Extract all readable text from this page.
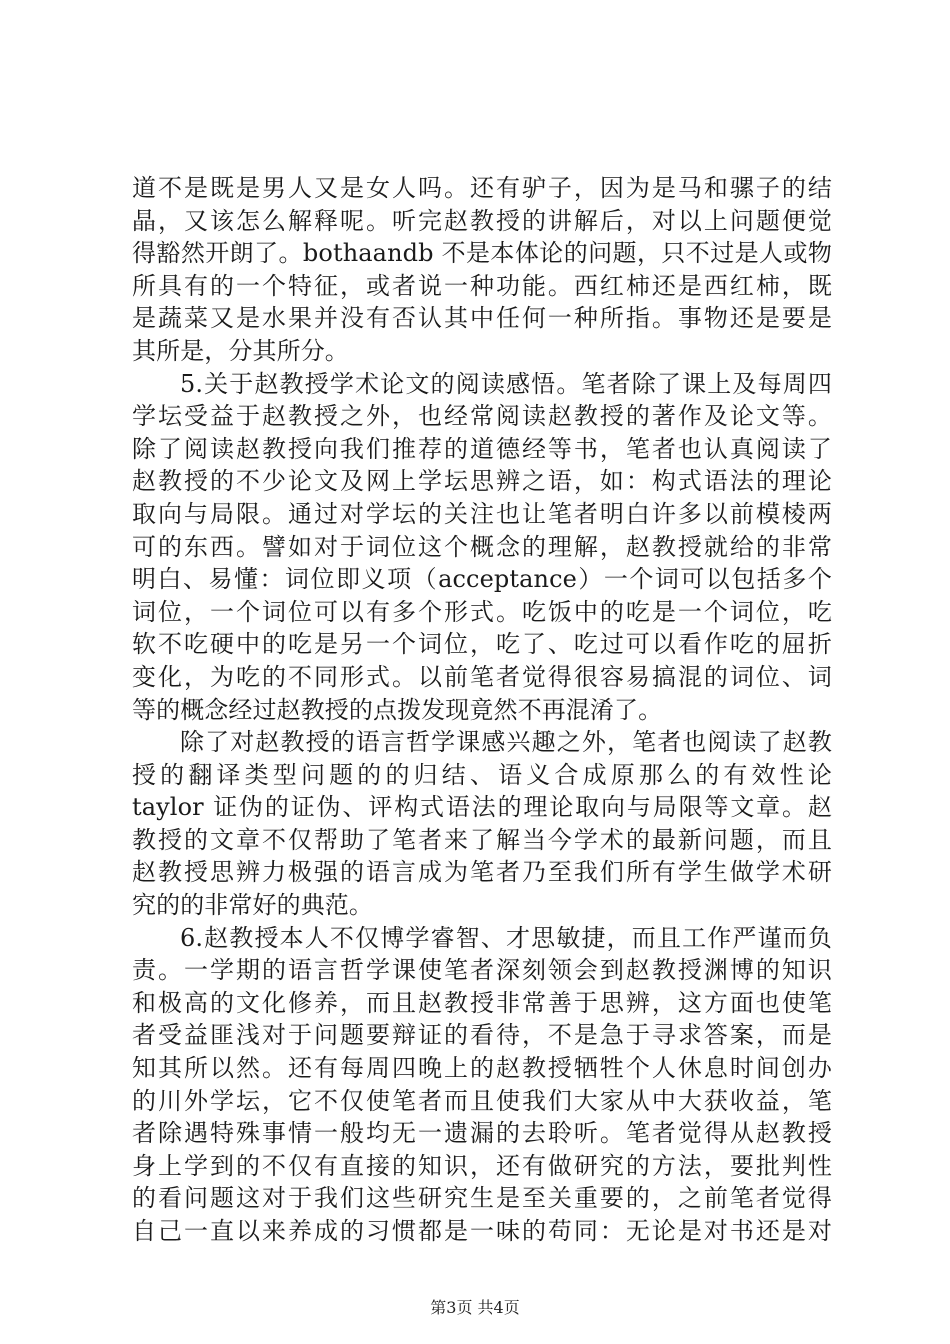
道不是既是男人又是女人吗。还有驴子，因为是马和骡子的结
晶，又该怎么解释呢。听完赵教授的讲解后，对以上问题便觉
得豁然开朗了。bothaandb 不是本体论的问题，只不过是人或物
所具有的一个特征，或者说一种功能。西红柿还是西红柿，既
是蔬菜又是水果并没有否认其中任何一种所指。事物还是要是
其所是，分其所分。
5.关于赵教授学术论文的阅读感悟。笔者除了课上及每周四
学坛受益于赵教授之外，也经常阅读赵教授的著作及论文等。
除了阅读赵教授向我们推荐的道德经等书，笔者也认真阅读了
赵教授的不少论文及网上学坛思辨之语，如：构式语法的理论
取向与局限。通过对学坛的关注也让笔者明白许多以前模棱两
可的东西。譬如对于词位这个概念的理解，赵教授就给的非常
明白、易懂：词位即义项（acceptance）一个词可以包括多个
词位，一个词位可以有多个形式。吃饭中的吃是一个词位，吃
软不吃硬中的吃是另一个词位，吃了、吃过可以看作吃的屈折
变化，为吃的不同形式。以前笔者觉得很容易搞混的词位、词
等的概念经过赵教授的点拨发现竟然不再混淆了。
除了对赵教授的语言哲学课感兴趣之外，笔者也阅读了赵教
授的翻译类型问题的的归结、语义合成原那么的有效性论
taylor 证伪的证伪、评构式语法的理论取向与局限等文章。赵
教授的文章不仅帮助了笔者来了解当今学术的最新问题，而且
赵教授思辨力极强的语言成为笔者乃至我们所有学生做学术研
究的的非常好的典范。
6.赵教授本人不仅博学睿智、才思敏捷，而且工作严谨而负
责。一学期的语言哲学课使笔者深刻领会到赵教授渊博的知识
和极高的文化修养，而且赵教授非常善于思辨，这方面也使笔
者受益匪浅对于问题要辩证的看待，不是急于寻求答案，而是
知其所以然。还有每周四晚上的赵教授牺牲个人休息时间创办
的川外学坛，它不仅使笔者而且使我们大家从中大获收益，笔
者除遇特殊事情一般均无一遗漏的去聆听。笔者觉得从赵教授
身上学到的不仅有直接的知识，还有做研究的方法，要批判性
的看问题这对于我们这些研究生是至关重要的，之前笔者觉得
自己一直以来养成的习惯都是一味的苟同：无论是对书还是对
第3页 共4页
